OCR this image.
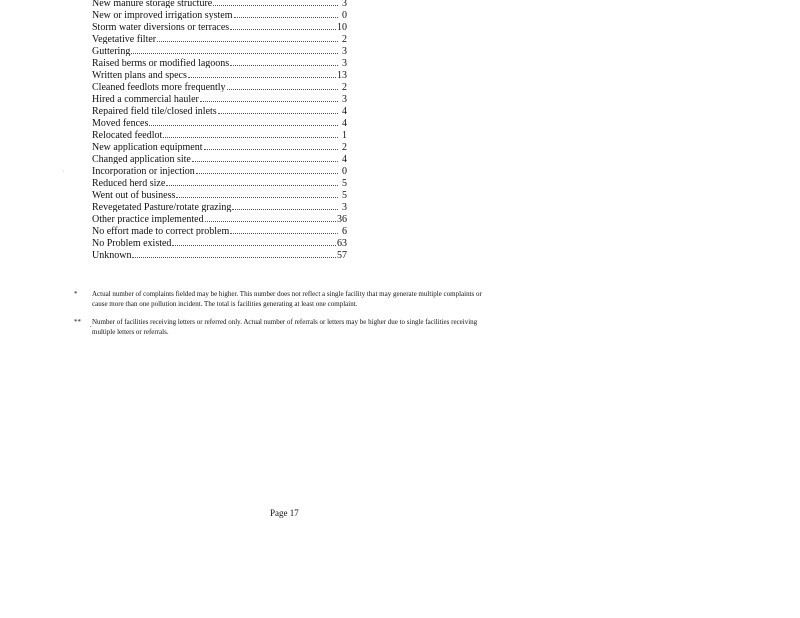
New manure storage structure	3
New or improved irrigation system	0
Storm water diversions or terraces	10
Vegetative filter	2
Guttering	3
Raised berms or modified lagoons	3
Written plans and specs	13
Cleaned feedlots more frequently	2
Hired a commercial hauler	3
Repaired field tile/closed inlets	4
Moved fences	4
Relocated feedlot	1
New application equipment	2
Changed application site	4
Incorporation or injection	0
Reduced herd size	5
Went out of business	5
Revegetated Pasture/rotate grazing	3
Other practice implemented	36
No effort made to correct problem	6
No Problem existed	63
Unknown	57
.
*	Actual number of complaints fielded may be higher. This number does not reflect a single facility that may generate multiple complaints or cause more than one pollution incident. The total is facilities generating at least one complaint.
**	Number of facilities receiving letters or referred only. Actual number of referrals or letters may be higher due to single facilities receiving multiple letters or referrals.
.
Page 17
